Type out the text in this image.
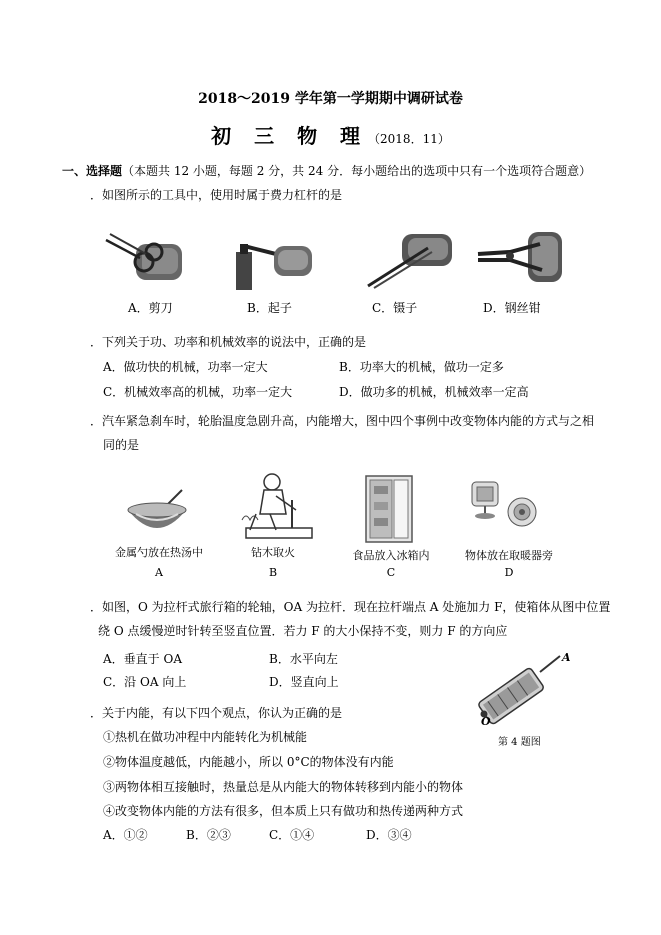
2018～2019 学年第一学期期中调研试卷
初 三 物 理（2018．11）
一、选择题（本题共 12 小题，每题 2 分，共 24 分．每小题给出的选项中只有一个选项符合题意）
．如图所示的工具中，使用时属于费力杠杆的是
A．剪刀	B．起子	C．镊子	D．钢丝钳
．下列关于功、功率和机械效率的说法中，正确的是
A．做功快的机械，功率一定大	B．功率大的机械，做功一定多
C．机械效率高的机械，功率一定大	D．做功多的机械，机械效率一定高
．汽车紧急刹车时，轮胎温度急剧升高，内能增大，图中四个事例中改变物体内能的方式与之相
同的是
金属勺放在热汤中	钻木取火	食品放入冰箱内	物体放在取暖器旁
A	B	C	D
．如图，O 为拉杆式旅行箱的轮轴，OA 为拉杆．现在拉杆端点 A 处施加力 F，使箱体从图中位置
绕 O 点缓慢逆时针转至竖直位置．若力 F 的大小保持不变，则力 F 的方向应
A．垂直于 OA	B．水平向左
C．沿 OA 向上	D．竖直向上
A
O
第 4 题图
．关于内能，有以下四个观点，你认为正确的是
①热机在做功冲程中内能转化为机械能
②物体温度越低，内能越小，所以 0°C的物体没有内能
③两物体相互接触时，热量总是从内能大的物体转移到内能小的物体
④改变物体内能的方法有很多，但本质上只有做功和热传递两种方式
A．①②	B．②③	C．①④	D．③④
